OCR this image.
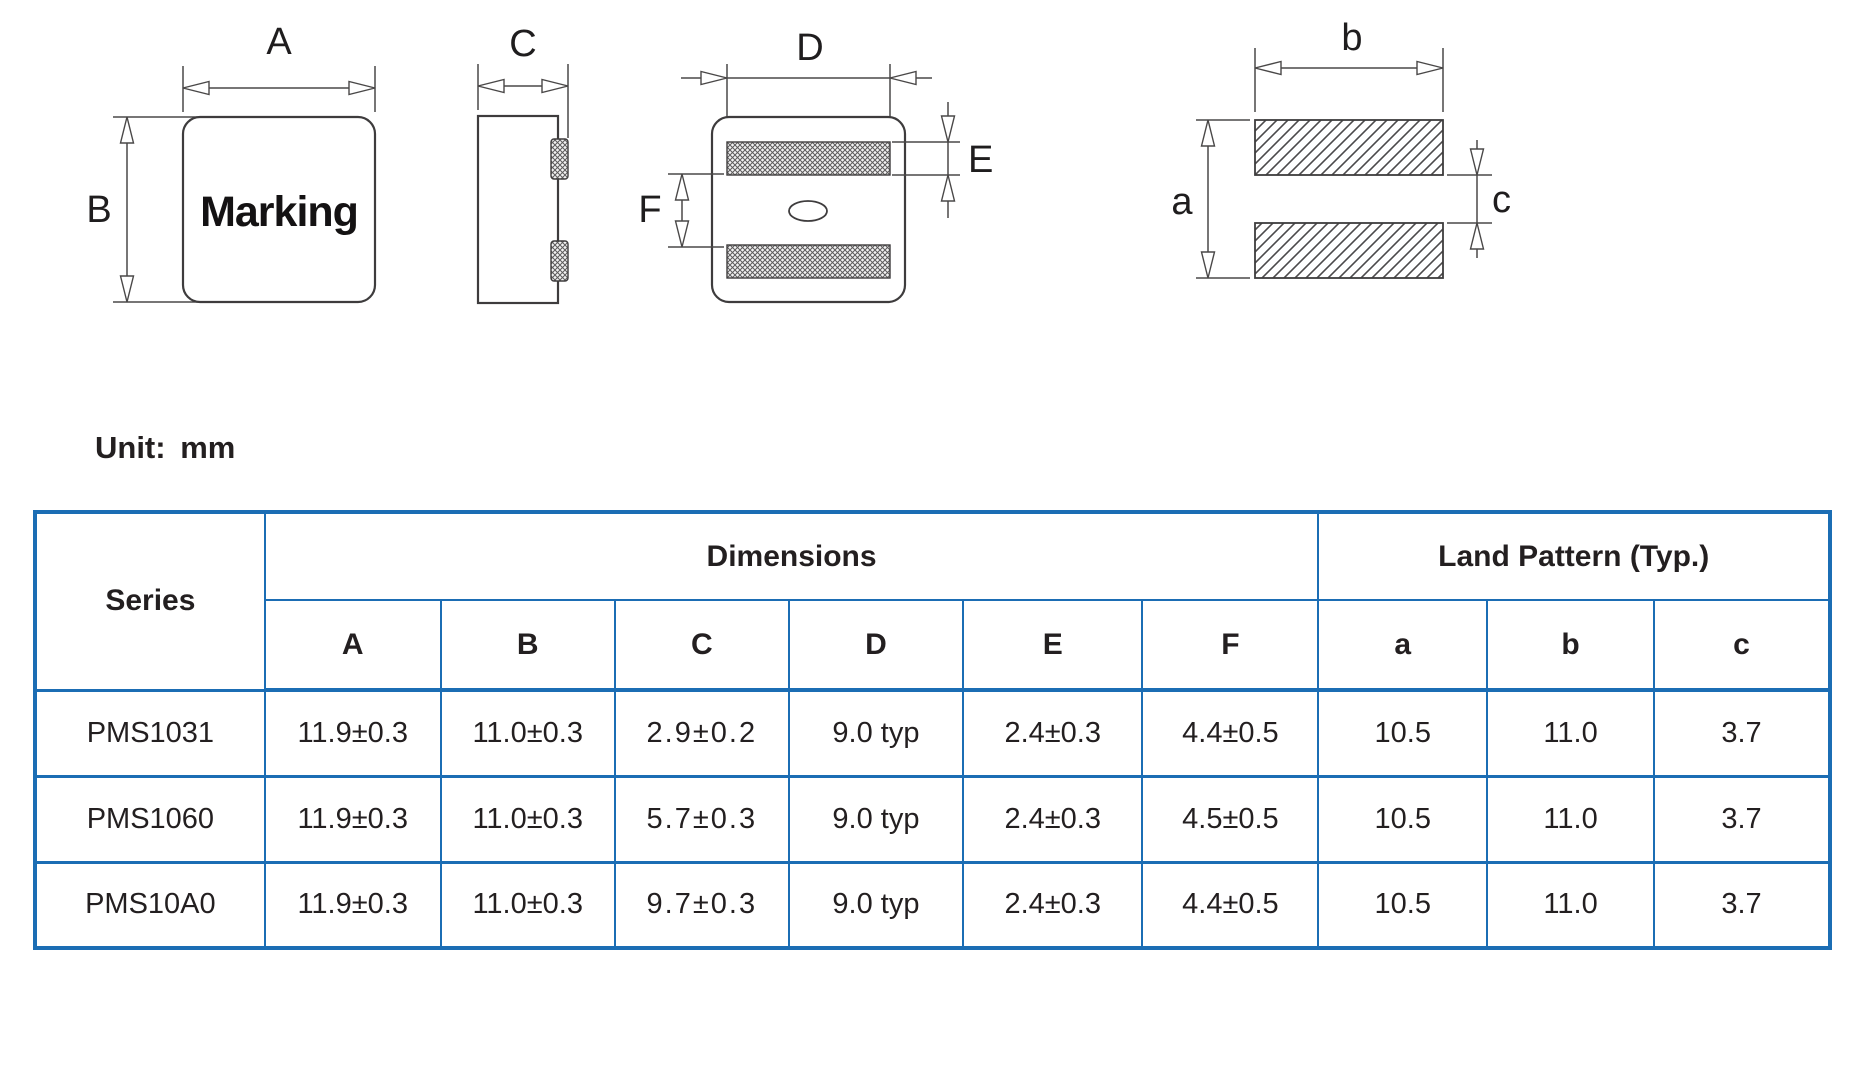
A
B Marking
C	D
E
F
b
a	c
Unit: mm
Series	Dimensions						Land Pattern (Typ.)		
	A	B	C	D	E	F	a	b	c
PMS1031	11.9±0.3	11.0±0.3	2.9±0.2	9.0 typ	2.4±0.3	4.4±0.5	10.5	11.0	3.7
PMS1060	11.9±0.3	11.0±0.3	5.7±0.3	9.0 typ	2.4±0.3	4.5±0.5	10.5	11.0	3.7
PMS10A0	11.9±0.3	11.0±0.3	9.7±0.3	9.0 typ	2.4±0.3	4.4±0.5	10.5	11.0	3.7
